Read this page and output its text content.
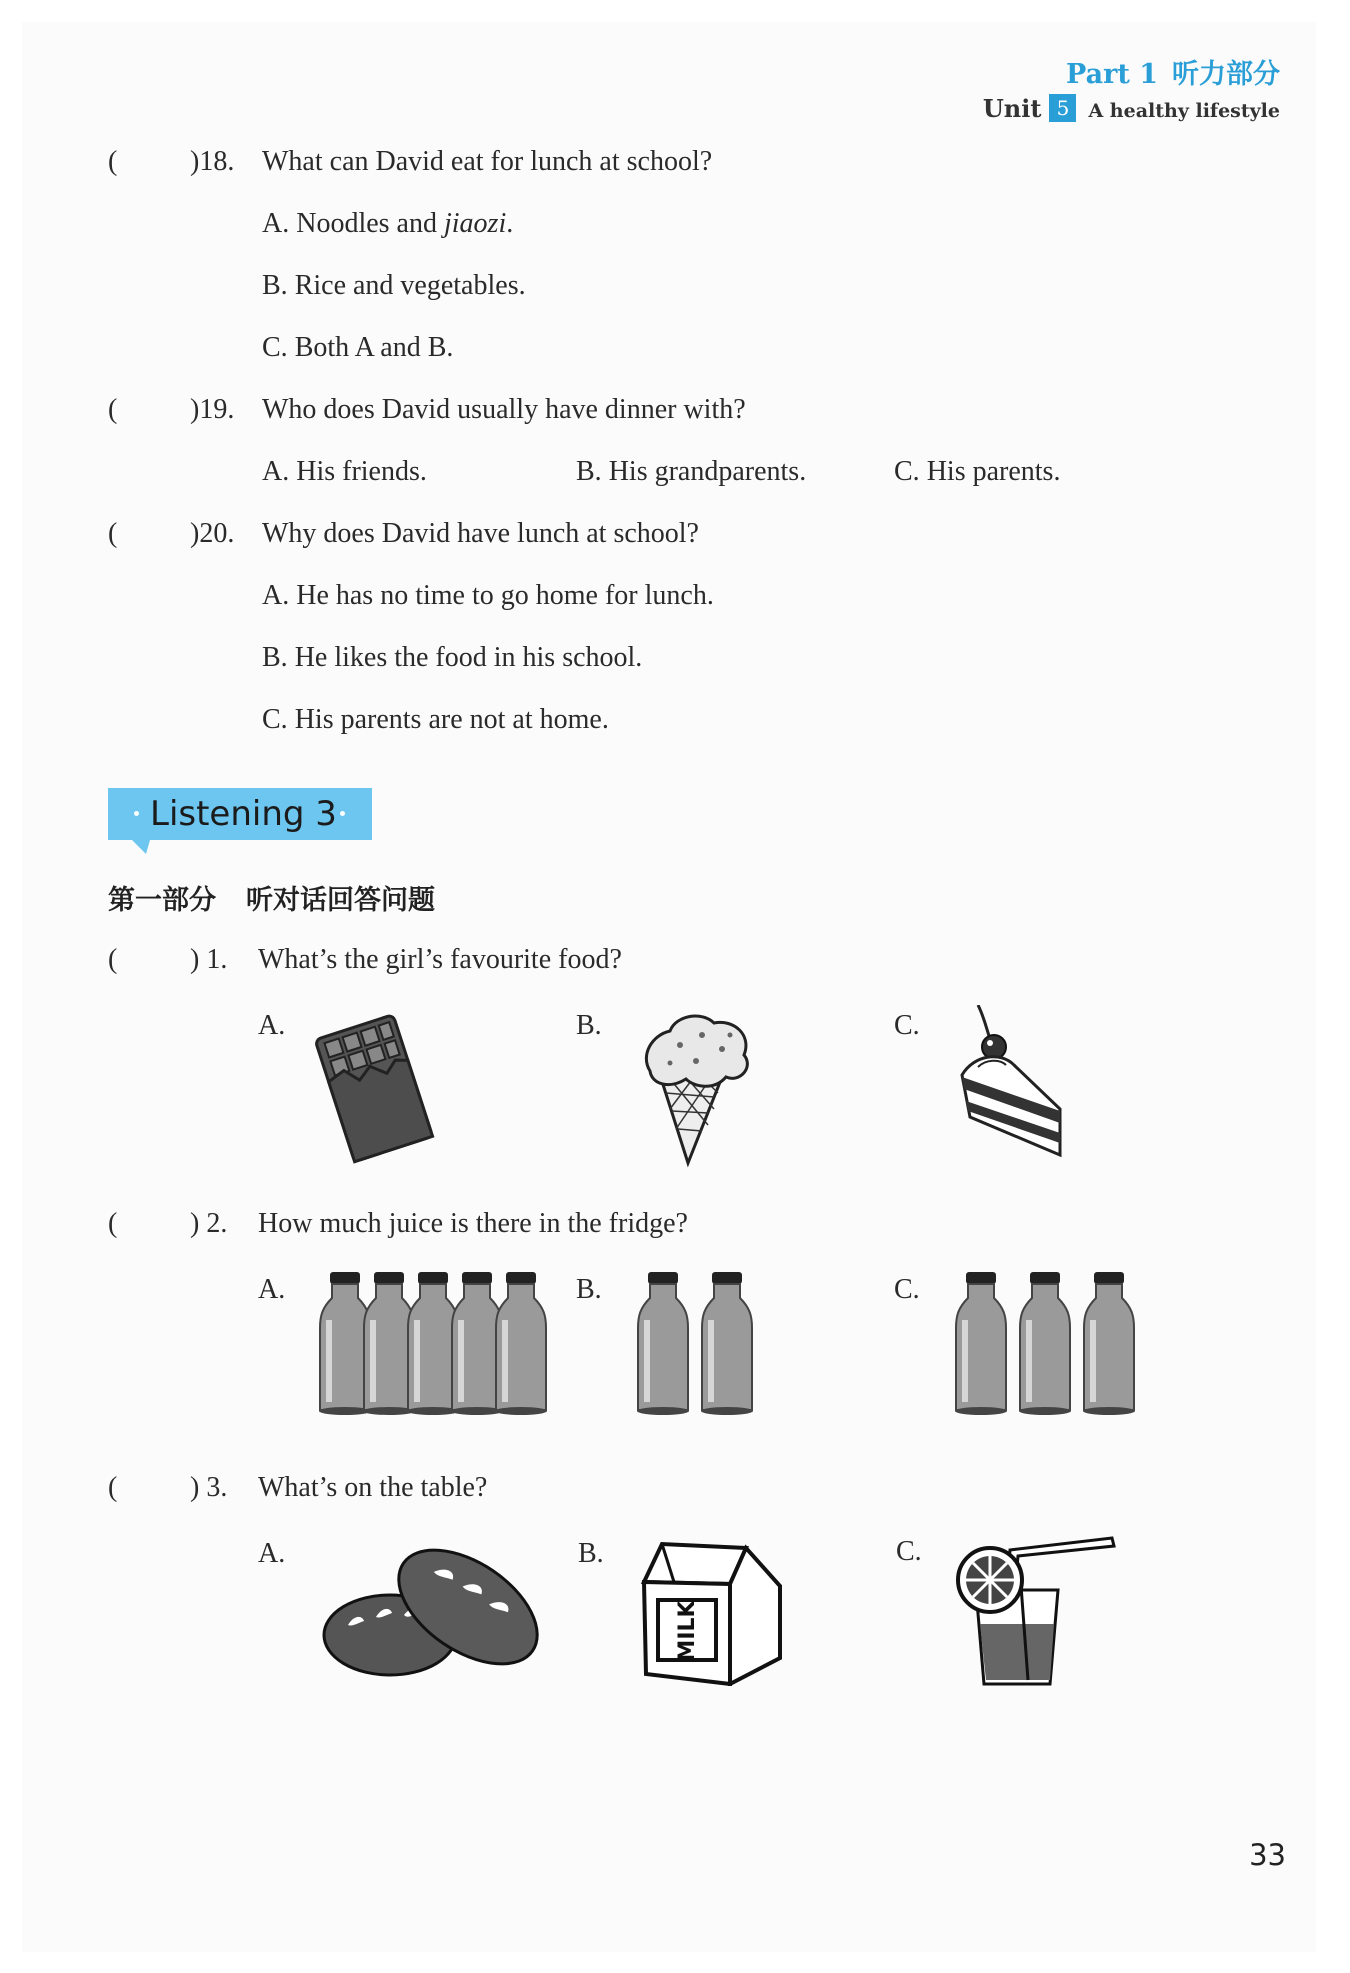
Part 1 听力部分
Unit 5 A healthy lifestyle
(	)18. What can David eat for lunch at school?
A. Noodles and jiaozi.
B. Rice and vegetables.
C. Both A and B.
(	)19. Who does David usually have dinner with?
A. His friends.	B. His grandparents.	C. His parents.
(	)20. Why does David have lunch at school?
A. He has no time to go home for lunch.
B. He likes the food in his school.
C. His parents are not at home.
Listening 3
第一部分 听对话回答问题
(	) 1. What’s the girl’s favourite food?
A.	B.	C.
(	) 2. How much juice is there in the fridge?
A.	B.	C.
(	) 3. What’s on the table?
A.	B.	C.
MILK
33
